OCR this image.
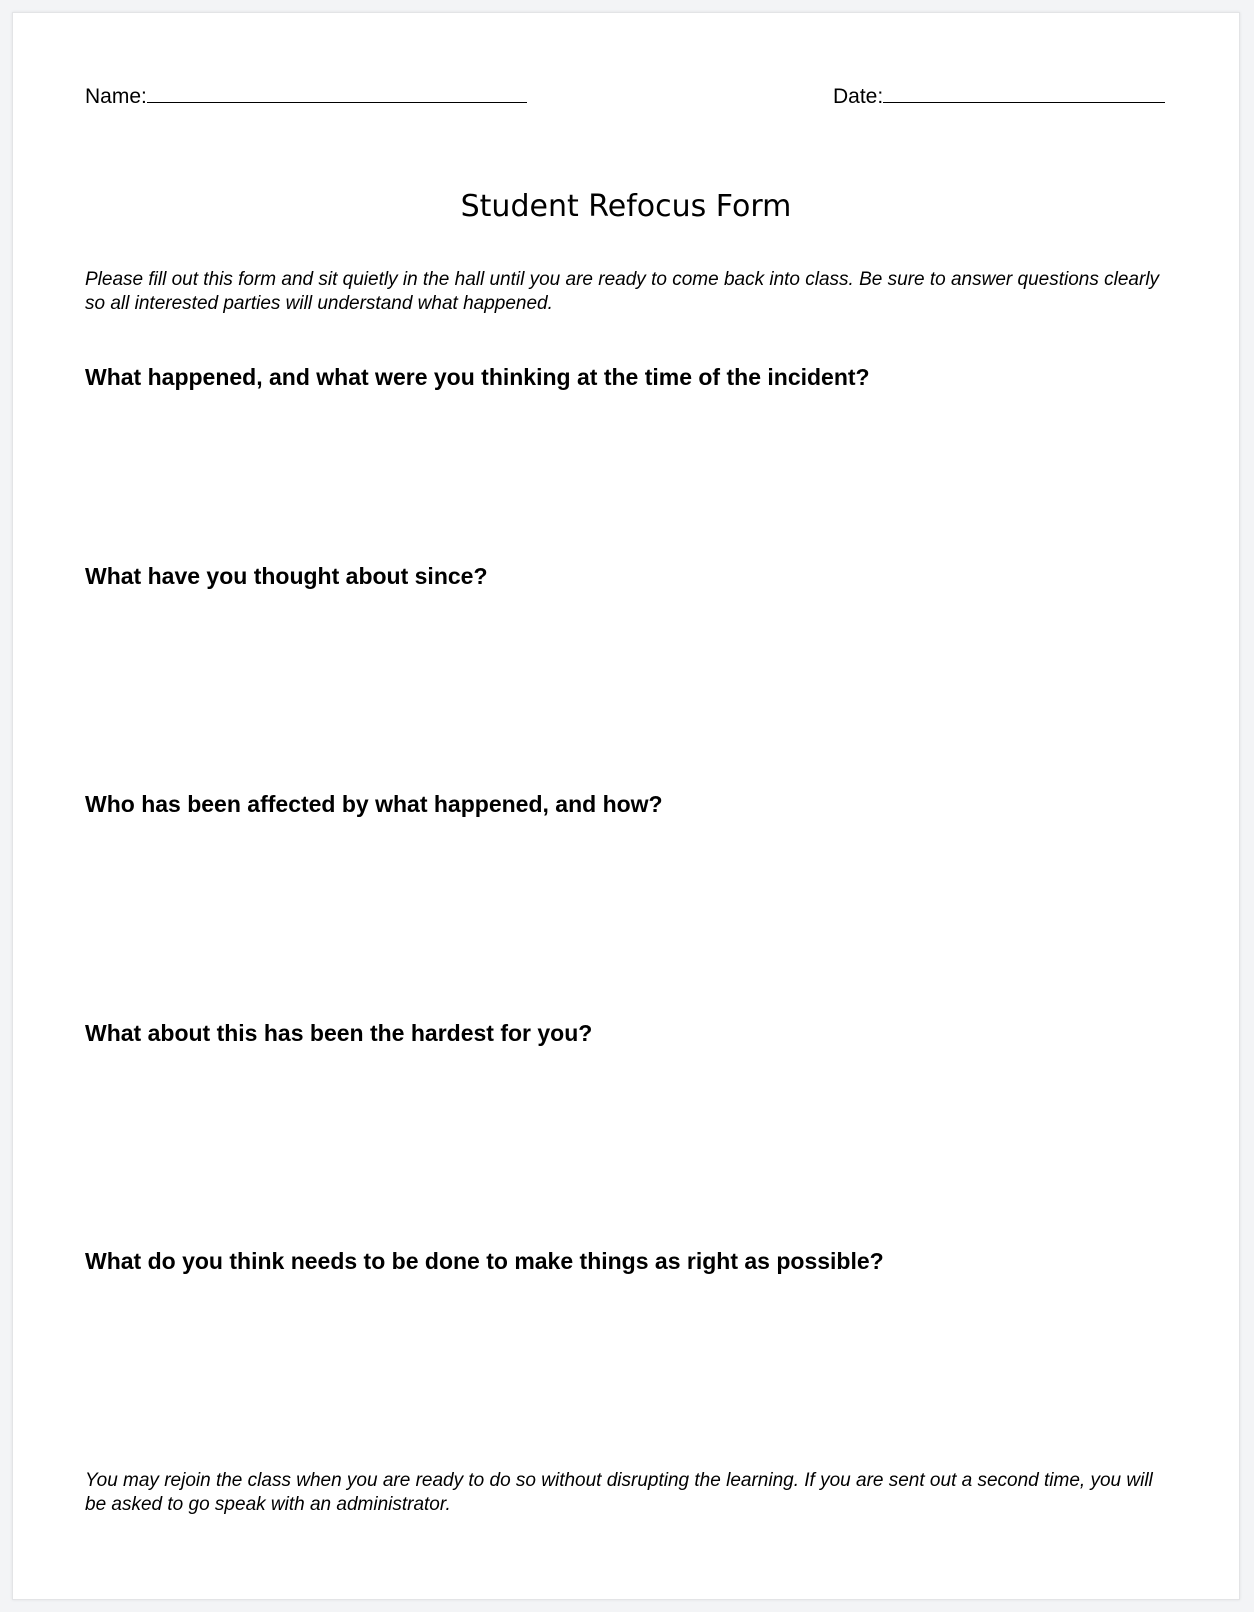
Name:	Date:
Student Refocus Form

Please fill out this form and sit quietly in the hall until you are ready to come back into class. Be sure to answer questions clearly so all interested parties will understand what happened.

What happened, and what were you thinking at the time of the incident?

What have you thought about since?

Who has been affected by what happened, and how?

What about this has been the hardest for you?

What do you think needs to be done to make things as right as possible?

You may rejoin the class when you are ready to do so without disrupting the learning. If you are sent out a second time, you will be asked to go speak with an administrator.
